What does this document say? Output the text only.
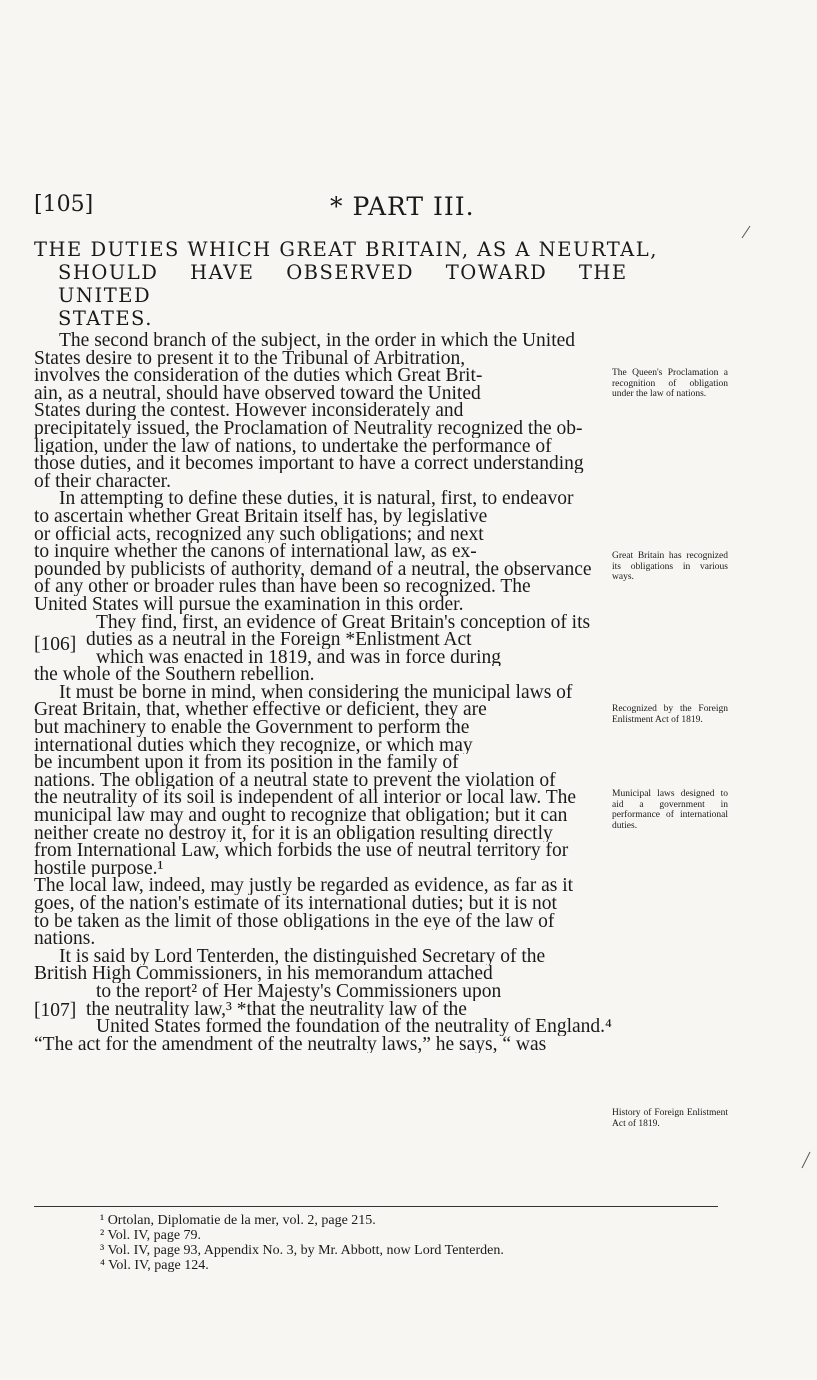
[105]	* PART III.
THE DUTIES WHICH GREAT BRITAIN, AS A NEURTAL,
SHOULD HAVE OBSERVED TOWARD THE UNITED
STATES.
The second branch of the subject, in the order in which the United
States desire to present it to the Tribunal of Arbitration,
involves the consideration of the duties which Great Brit-
ain, as a neutral, should have observed toward the United
States during the contest. However inconsiderately and
precipitately issued, the Proclamation of Neutrality recognized the ob-
ligation, under the law of nations, to undertake the performance of
those duties, and it becomes important to have a correct understanding
of their character.
In attempting to define these duties, it is natural, first, to endeavor
to ascertain whether Great Britain itself has, by legislative
or official acts, recognized any such obligations; and next
to inquire whether the canons of international law, as ex-
pounded by publicists of authority, demand of a neutral, the observance
of any other or broader rules than have been so recognized. The
United States will pursue the examination in this order.
They find, first, an evidence of Great Britain's conception of its
duties as a neutral in the Foreign *Enlistment Act
which was enacted in 1819, and was in force during
the whole of the Southern rebellion.
It must be borne in mind, when considering the municipal laws of
Great Britain, that, whether effective or deficient, they are
but machinery to enable the Government to perform the
international duties which they recognize, or which may
be incumbent upon it from its position in the family of
nations. The obligation of a neutral state to prevent the violation of
the neutrality of its soil is independent of all interior or local law. The
municipal law may and ought to recognize that obligation; but it can
neither create no destroy it, for it is an obligation resulting directly
from International Law, which forbids the use of neutral territory for
hostile purpose.¹
The local law, indeed, may justly be regarded as evidence, as far as it
goes, of the nation's estimate of its international duties; but it is not
to be taken as the limit of those obligations in the eye of the law of
nations.
It is said by Lord Tenterden, the distinguished Secretary of the
British High Commissioners, in his memorandum attached
to the report² of Her Majesty's Commissioners upon
the neutrality law,³ *that the neutrality law of the
United States formed the foundation of the neutrality of England.⁴
“The act for the amendment of the neutralty laws,” he says, “ was
[106]
[107]
The Queen's Proclamation a recognition of obligation under the law of nations.
Great Britain has recognized its obligations in various ways.
Recognized by the Foreign Enlistment Act of 1819.
Municipal laws designed to aid a government in performance of international duties.
History of Foreign Enlistment Act of 1819.
¹ Ortolan, Diplomatie de la mer, vol. 2, page 215.
² Vol. IV, page 79.
³ Vol. IV, page 93, Appendix No. 3, by Mr. Abbott, now Lord Tenterden.
⁴ Vol. IV, page 124.
